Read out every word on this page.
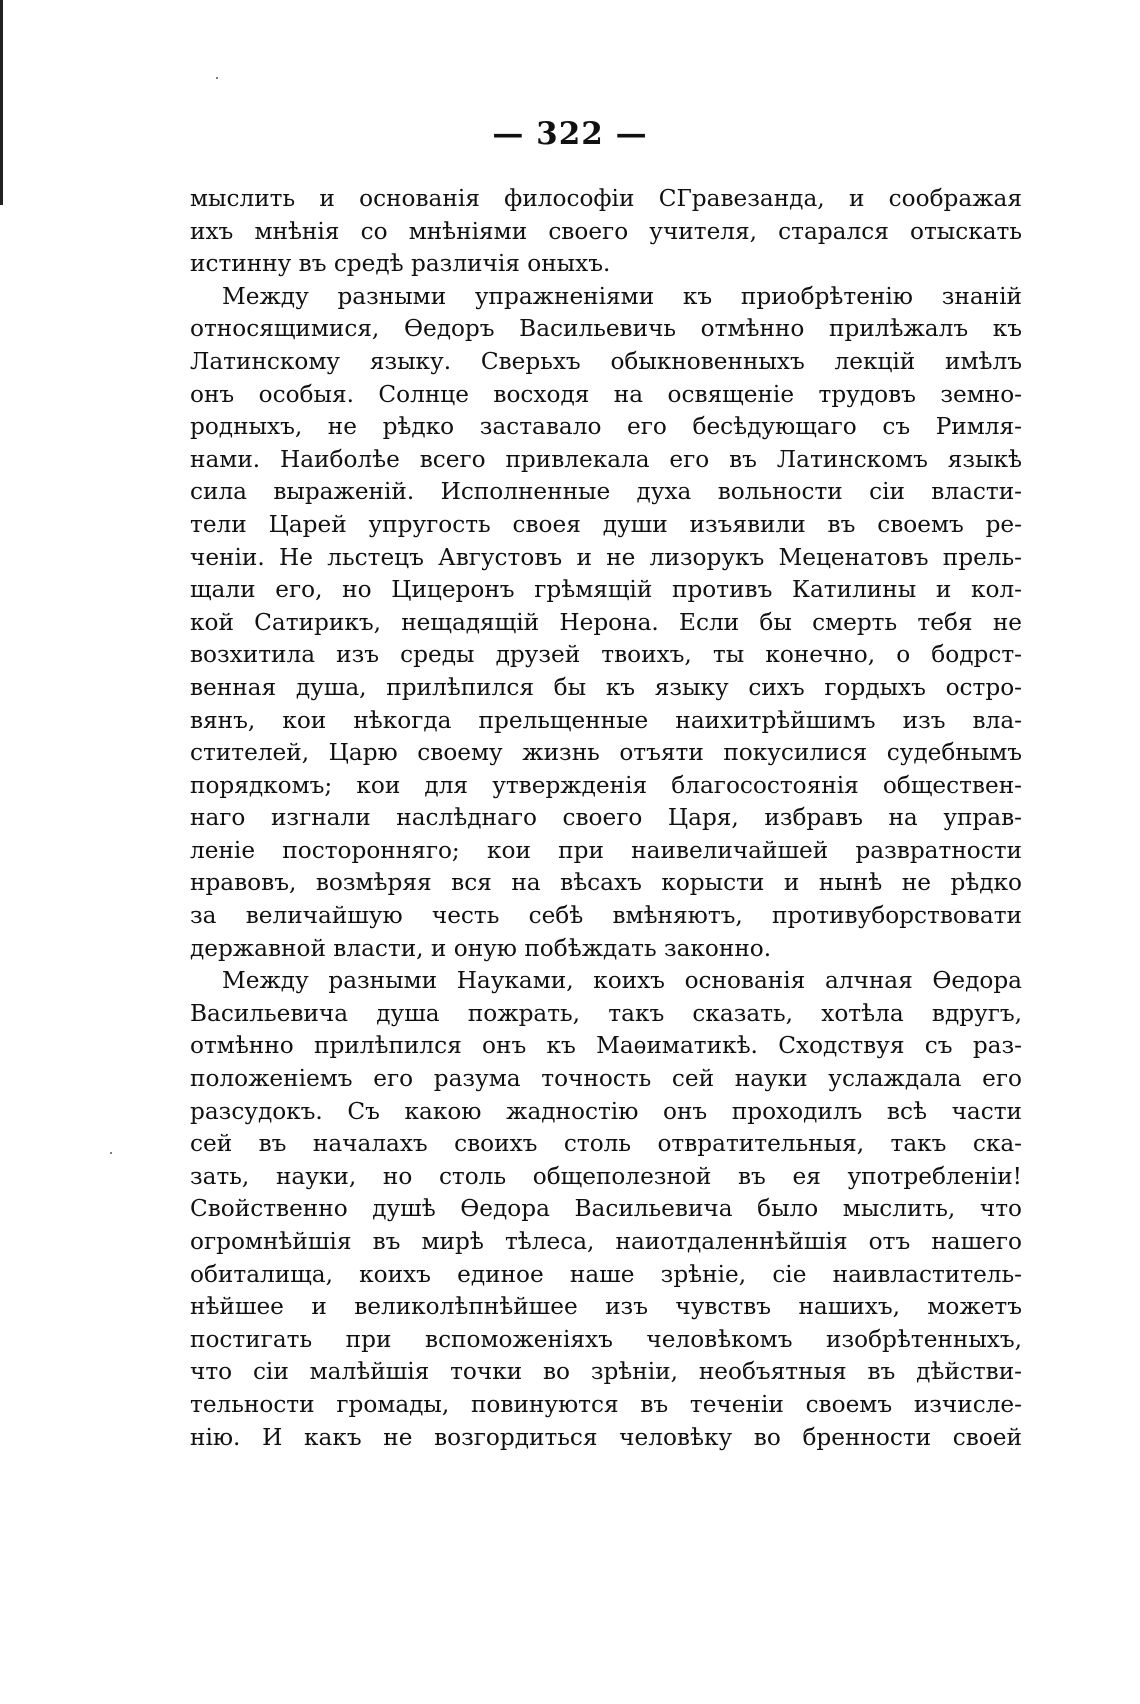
— 322 —
мыслить и основанія философіи СГравезанда, и соображая
ихъ мнѣнія со мнѣніями своего учителя, старался отыскать
истинну въ средѣ различія оныхъ.
Между разными упражненіями къ приобрѣтенію знаній
относящимися, Ѳедоръ Васильевичь отмѣнно прилѣжалъ къ
Латинскому языку. Сверьхъ обыкновенныхъ лекцій имѣлъ
онъ особыя. Солнце восходя на освященіе трудовъ земно-
родныхъ, не рѣдко заставало его бесѣдующаго съ Римля-
нами. Наиболѣе всего привлекала его въ Латинскомъ языкѣ
сила выраженій. Исполненные духа вольности сіи власти-
тели Царей упругость своея души изъявили въ своемъ ре-
ченіи. Не льстецъ Августовъ и не лизорукъ Меценатовъ прель-
щали его, но Цицеронъ грѣмящій противъ Катилины и кол-
кой Сатирикъ, нещадящій Нерона. Если бы смерть тебя не
возхитила изъ среды друзей твоихъ, ты конечно, о бодрст-
венная душа, прилѣпился бы къ языку сихъ гордыхъ остро-
вянъ, кои нѣкогда прельщенные наихитрѣйшимъ изъ вла-
стителей, Царю своему жизнь отъяти покусилися судебнымъ
порядкомъ; кои для утвержденія благосостоянія обществен-
наго изгнали наслѣднаго своего Царя, избравъ на управ-
леніе посторонняго; кои при наивеличайшей развратности
нравовъ, возмѣряя вся на вѣсахъ корысти и нынѣ не рѣдко
за величайшую честь себѣ вмѣняютъ, противуборствовати
державной власти, и оную побѣждать законно.
Между разными Науками, коихъ основанія алчная Ѳедора
Васильевича душа пожрать, такъ сказать, хотѣла вдругъ,
отмѣнно прилѣпился онъ къ Маѳиматикѣ. Сходствуя съ раз-
положеніемъ его разума точность сей науки услаждала его
разсудокъ. Съ какою жадностію онъ проходилъ всѣ части
сей въ началахъ своихъ столь отвратительныя, такъ ска-
зать, науки, но столь общеполезной въ ея употребленіи!
Свойственно душѣ Ѳедора Васильевича было мыслить, что
огромнѣйшія въ мирѣ тѣлеса, наиотдаленнѣйшія отъ нашего
обиталища, коихъ единое наше зрѣніе, сіе наивластитель-
нѣйшее и великолѣпнѣйшее изъ чувствъ нашихъ, можетъ
постигать при вспоможеніяхъ человѣкомъ изобрѣтенныхъ,
что сіи малѣйшія точки во зрѣніи, необъятныя въ дѣйстви-
тельности громады, повинуются въ теченіи своемъ изчисле-
нію. И какъ не возгордиться человѣку во бренности своей
